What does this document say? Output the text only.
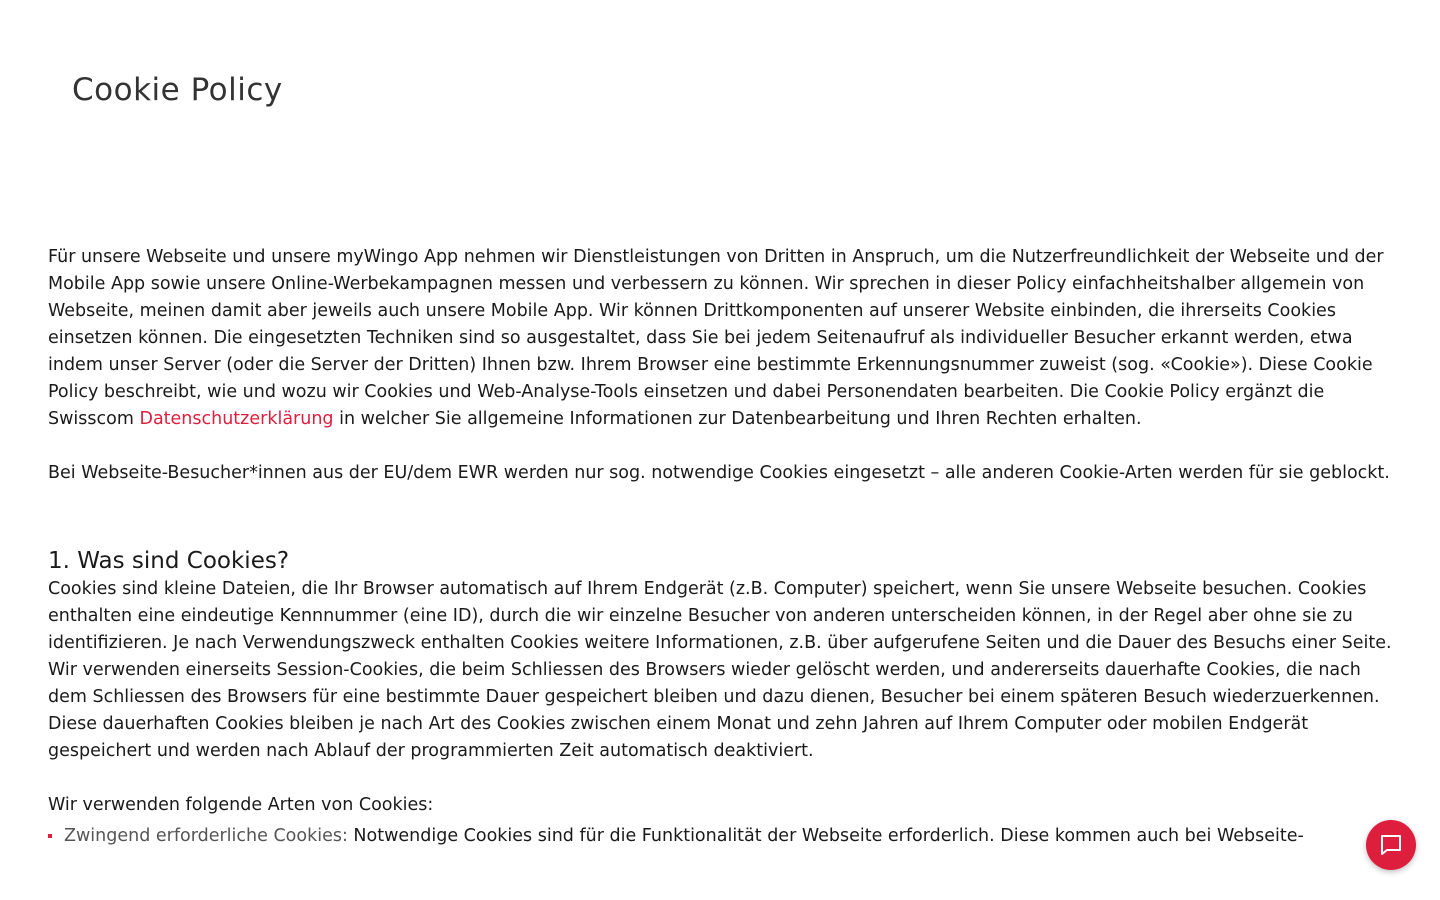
Cookie Policy

Für unsere Webseite und unsere myWingo App nehmen wir Dienstleistungen von Dritten in Anspruch, um die Nutzerfreundlichkeit der Webseite und der Mobile App sowie unsere Online-Werbekampagnen messen und verbessern zu können. Wir sprechen in dieser Policy einfachheitshalber allgemein von Webseite, meinen damit aber jeweils auch unsere Mobile App. Wir können Drittkomponenten auf unserer Website einbinden, die ihrerseits Cookies einsetzen können. Die eingesetzten Techniken sind so ausgestaltet, dass Sie bei jedem Seitenaufruf als individueller Besucher erkannt werden, etwa indem unser Server (oder die Server der Dritten) Ihnen bzw. Ihrem Browser eine bestimmte Erkennungsnummer zuweist (sog. «Cookie»). Diese Cookie Policy beschreibt, wie und wozu wir Cookies und Web-Analyse-Tools einsetzen und dabei Personendaten bearbeiten. Die Cookie Policy ergänzt die Swisscom Datenschutzerklärung in welcher Sie allgemeine Informationen zur Datenbearbeitung und Ihren Rechten erhalten.

Bei Webseite-Besucher*innen aus der EU/dem EWR werden nur sog. notwendige Cookies eingesetzt – alle anderen Cookie-Arten werden für sie geblockt.

1. Was sind Cookies?

Cookies sind kleine Dateien, die Ihr Browser automatisch auf Ihrem Endgerät (z.B. Computer) speichert, wenn Sie unsere Webseite besuchen. Cookies enthalten eine eindeutige Kennnummer (eine ID), durch die wir einzelne Besucher von anderen unterscheiden können, in der Regel aber ohne sie zu identifizieren. Je nach Verwendungszweck enthalten Cookies weitere Informationen, z.B. über aufgerufene Seiten und die Dauer des Besuchs einer Seite. Wir verwenden einerseits Session-Cookies, die beim Schliessen des Browsers wieder gelöscht werden, und andererseits dauerhafte Cookies, die nach dem Schliessen des Browsers für eine bestimmte Dauer gespeichert bleiben und dazu dienen, Besucher bei einem späteren Besuch wiederzuerkennen. Diese dauerhaften Cookies bleiben je nach Art des Cookies zwischen einem Monat und zehn Jahren auf Ihrem Computer oder mobilen Endgerät gespeichert und werden nach Ablauf der programmierten Zeit automatisch deaktiviert.

Wir verwenden folgende Arten von Cookies:

Zwingend erforderliche Cookies: Notwendige Cookies sind für die Funktionalität der Webseite erforderlich. Diese kommen auch bei Webseite-
